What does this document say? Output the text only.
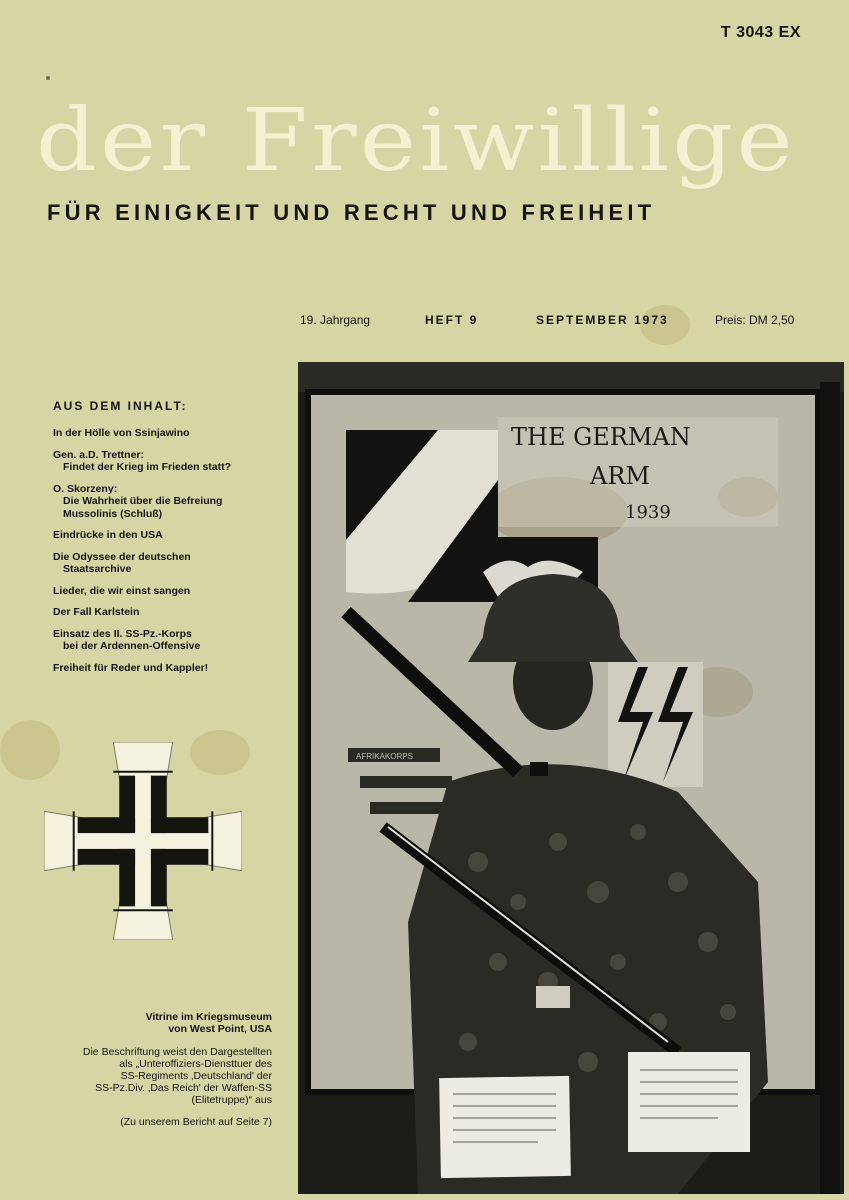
T 3043 EX
der Freiwillige
FÜR EINIGKEIT UND RECHT UND FREIHEIT
19. Jahrgang	HEFT 9	SEPTEMBER 1973	Preis: DM 2,50
AUS DEM INHALT:
In der Hölle von Ssinjawino
Gen. a.D. Trettner:
Findet der Krieg im Frieden statt?
O. Skorzeny:
Die Wahrheit über die Befreiung
Mussolinis (Schluß)
Eindrücke in den USA
Die Odyssee der deutschen
Staatsarchive
Lieder, die wir einst sangen
Der Fall Karlstein
Einsatz des II. SS-Pz.-Korps
bei der Ardennen-Offensive
Freiheit für Reder und Kappler!
Vitrine im Kriegsmuseum
von West Point, USA
Die Beschriftung weist den Dargestellten
als „Unteroffiziers-Diensttuer des
SS-Regiments ‚Deutschland' der
SS-Pz.Div. ‚Das Reich' der Waffen-SS
(Elitetruppe)“ aus
(Zu unserem Bericht auf Seite 7)
THE GERMAN
ARM
1939
AFRIKAKORPS
